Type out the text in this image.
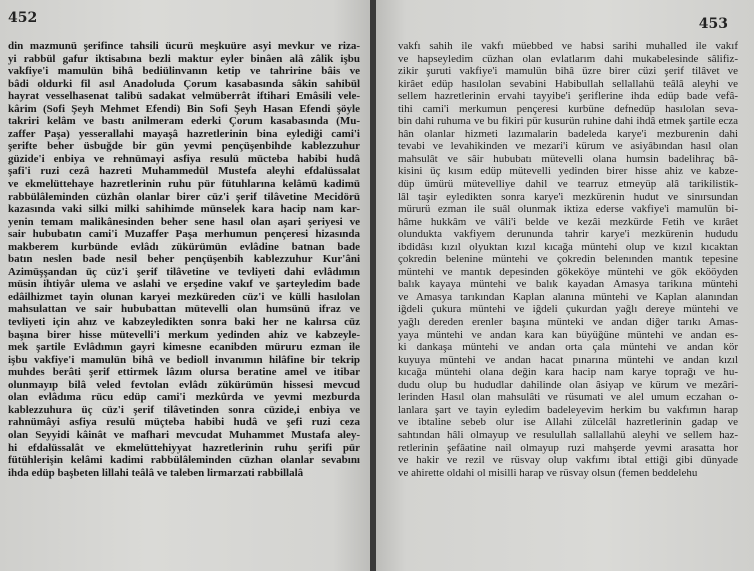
452
din mazmunü şerifince tahsili ücurü meşkuüre asyi mevkur ve riza-
yi rabbül gafur iktisabına bezli maktur eyler binâen alâ zâlik işbu
vakfiye'i mamulün bihâ bediülinvanın ketip ve tahririne bâis ve
bâdi oldurki fil asıl Anadoluda Çorum kasabasında sâkin sahibül
hayrat vesselhasenat talibü sadakat velmüberrât iftihari Emâsili vele-
kârim (Sofi Şeyh Mehmet Efendi) Bin Sofi Şeyh Hasan Efendi şöyle
takriri kelâm ve bastı anilmeram ederki Çorum kasabasında (Mu-
zaffer Paşa) yesserallahi mayaşâ hazretlerinin bina eylediği cami'i
şerifte beher üsbuğde bir gün yevmi pençüşenbihde kablezzuhur
güzide'i enbiya ve rehnümayi asfiya resulü mücteba habibi hudâ
şafi'i ruzi cezâ hazreti Muhammedül Mustefa aleyhi efdalüssalat
ve ekmelüttehaye hazretlerinin ruhu pür fütuhlarına kelâmü kadimü
rabbülâleminden cüzhân olanlar birer cüz'i şerif tilâvetine Mecidörü
kazasında vaki silki milki sahihimde münselek kara hacip nam kar-
yenin temam malikânesinden beher sene hasıl olan aşari şeriyesi ve
sair hububatın cami'i Muzaffer Paşa merhumun pençeresi hizasında
makberem kurbünde evlâdı zükürümün evlâdine batnan bade
batın neslen bade nesil beher pençüşenbih kablezzuhur Kur'âni
Azimüşşandan üç cüz'i şerif tilâvetine ve tevliyeti dahi evlâdımın
müsin ihtiyâr ulema ve aslahi ve erşedine vakıf ve şarteyledim bade
edâilhizmet tayin olunan karyei mezküreden cüz'i ve külli hasılolan
mahsulattan ve sair hububattan mütevelli olan humsünü ifraz ve
tevliyeti için ahız ve kabzeyledikten sonra baki her ne kalırsa cüz
başına birer hisse mütevelli'i merkum yedinden ahiz ve kabzeyle-
mek şartile Evlâdımın gayri kimesne ecanibden müruru ezman ile
işbu vakfiye'i mamulün bihâ ve bedioll invanımın hilâfine bir tekrip
muhdes berâti şerif ettirmek lâzım olursa beratine amel ve itibar
olunmayıp bilâ veled fevtolan evlâdı zükürümün hissesi mevcud
olan evlâdıma rücu edüp cami'i mezkûrda ve yevmi mezburda
kablezzuhura üç cüz'i şerif tilâvetinden sonra cüzide,i enbiya ve
rahnümâyi asfiya resulü müçteba habibi hudâ ve şefi ruzi ceza
olan Seyyidi kâinât ve mafhari mevcudat Muhammet Mustafa aley-
hi efdalüssalât ve ekmelüttehiyyat hazretlerinin ruhu şerifi pür
fütühlerişin kelâmi kadimi rabbülâleminden cüzhan olanlar sevabını
ihda edüp başbeten lillahi teâlâ ve taleben lirmarzati rabbillalâ
453
vakfı sahih ile vakfı müebbed ve habsi sarihi muhalled ile vakıf
ve hapseyledim cüzhan olan evlatlarım dahi mukabelesinde sâlifiz-
zikir şuruti vakfiye'i mamulün bihâ üzre birer cüzi şerif tilâvet ve
kirâet edüp hasılolan sevabini Habibullah sellallahü teâlâ aleyhi ve
sellem hazretlerinin ervahi tayyibe'i şeriflerine ihda edüp bade vefâ-
tihi cami'i merkumun pençeresi kurbüne defnedüp hasılolan seva-
bin dahi ruhuma ve bu fikiri pür kusurün ruhine dahi ihdâ etmek şartile ecza
hân olanlar hizmeti lazımalarin badeleda karye'i mezburenin dahi
tevabi ve levahikinden ve mezari'i kürum ve asiyâbından hasıl olan
mahsulât ve sâir hububatı mütevelli olana humsin badelihraç bâ-
kisini üç kısım edüp mütevelli yedinden birer hisse ahiz ve kabze-
düp ümürü mütevelliye dahil ve tearruz etmeyüp alâ tarikilistik-
lâl taşir eyledikten sonra karye'i mezkürenin hudut ve sinırsundan
mürurü ezman ile suâl olunmak iktiza ederse vakfiye'i mamulün bi-
hâme hukkâm ve vâli'i belde ve kezâi mezkürde Fetih ve kırâet
olunduktа vakfiyem derununda tahrir karye'i mezkürenin hududu
ibdidâsı kızıl olyuktan kızıl kıcağa müntehi olup ve kızıl kıcaktan
çokredin belenine müntehi ve çokredin belenınden mantık tepesine
müntehi ve mantık depesinden gökeköye müntehi ve gök ekööyden
balık kayaya müntehi ve balık kayadan Amasya tarikına müntehi
ve Amasya tarıkından Kaplan alanına müntehi ve Kaplan alanından
iğdeli çukura müntehi ve iğdeli çukurdan yağlı dereye müntehi ve
yağlı dereden erenler başına münteki ve andan diğer tarıkı Amas-
yaya müntehi ve andan kara kan büyüğüne müntehi ve andan es-
ki dankaşa müntehi ve andan orta çala müntehi ve andan kör
kuyuya müntehi ve andan hacat pınarına müntehi ve andan kızıl
kıcağa müntehi olana değin kara hacip nam karye toprağı ve hu-
dudu olup bu hududlar dahilinde olan âsiyap ve kürum ve mezâri-
lerinden Hasıl olan mahsulâti ve rüsumati ve alel umum eczahan o-
lanlara şart ve tayin eyledim badeleyevim herkim bu vakfımın harap
ve ibtaline sebeb olur ise Allahi zülcelâl hazretlerinin gadap ve
sahtından hâli olmayup ve resulullah sallallahü aleyhi ve sellem haz-
retlerinin şefâatine nail olmayup ruzi mahşerde yevmi arasatta hor
ve hakir ve rezil ve rüsvay olup vakfımı ibtal ettiği gibi dünyade
ve ahirette oldahi ol misilli harap ve rüsvay olsun (femen beddelehu
